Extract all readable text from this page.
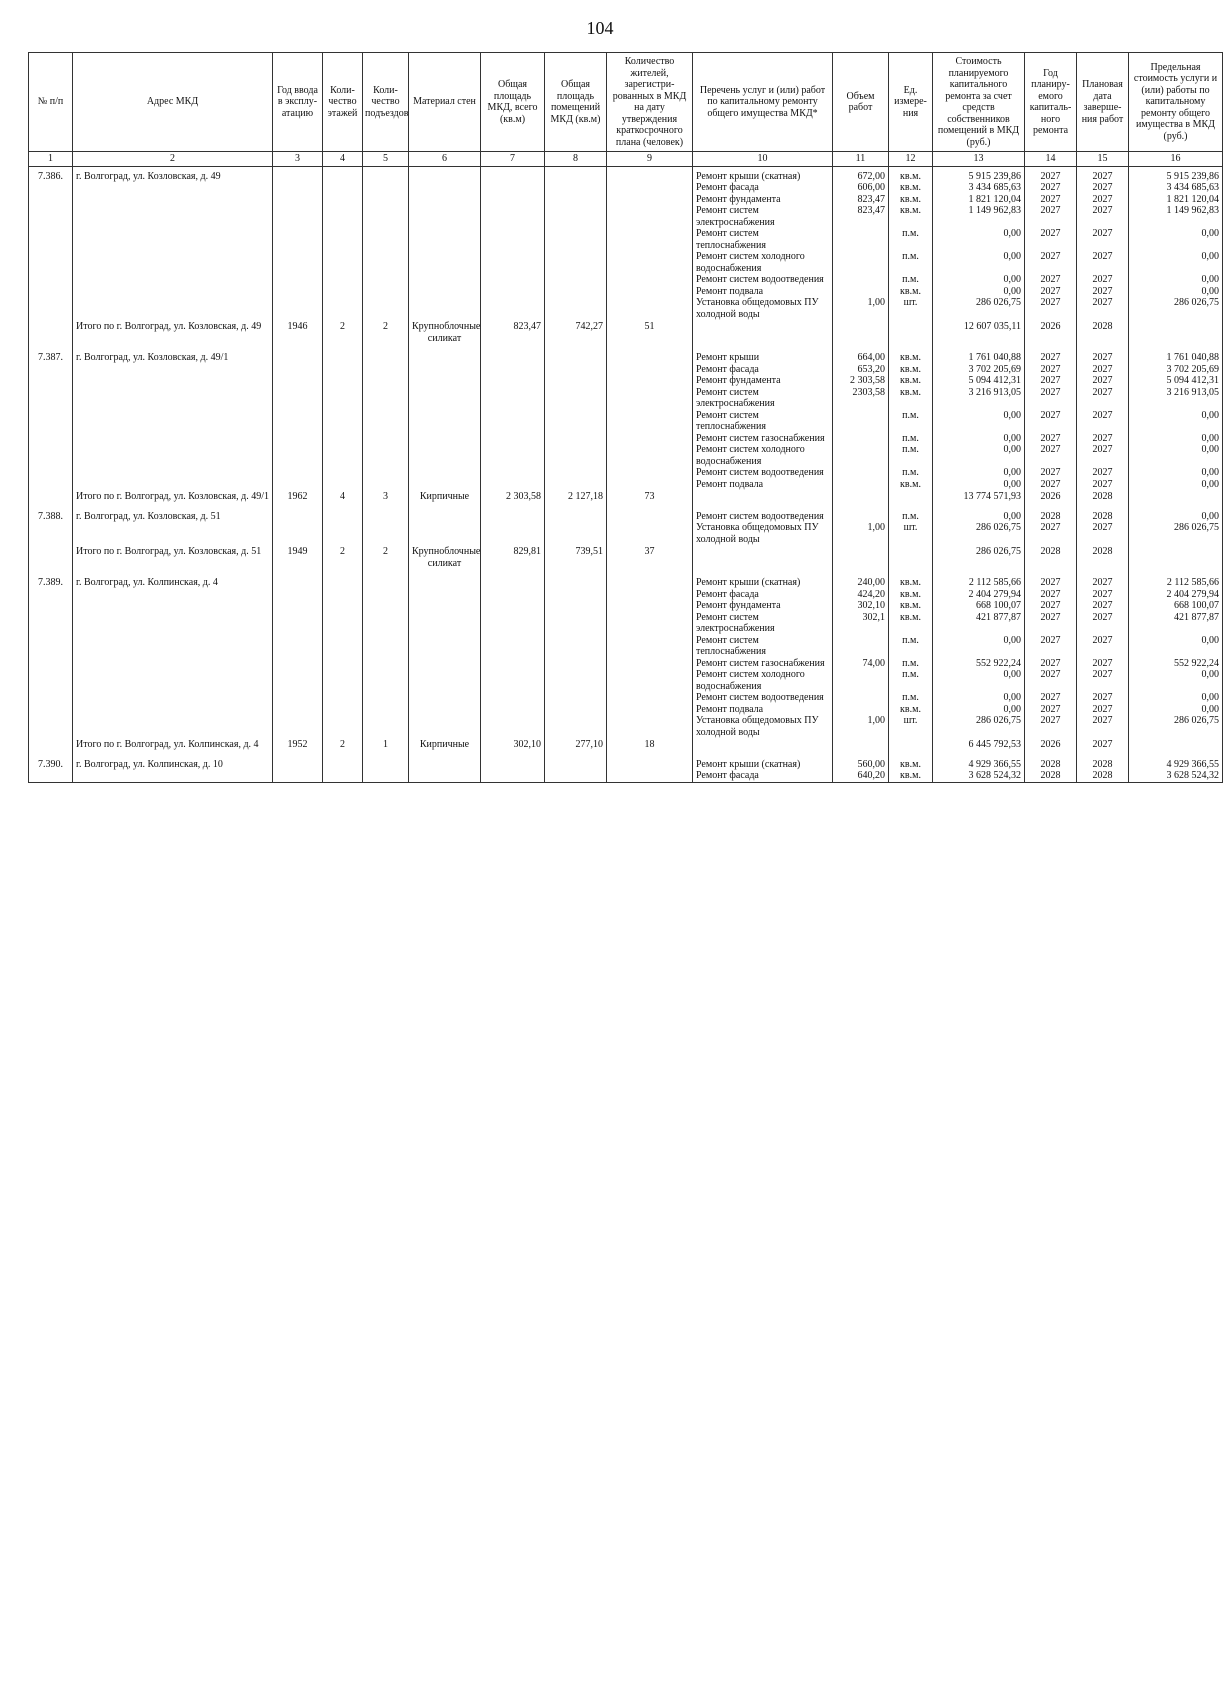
104
№ п/п	Адрес МКД	Год ввода в эксплу-атацию	Коли-чество этажей	Коли-чество подъездов	Материал стен	Общая площадь МКД, всего (кв.м)	Общая площадь помещений МКД (кв.м)	Количество жителей, зарегистри-рованных в МКД на дату утверждения краткосрочного плана (человек)	Перечень услуг и (или) работ по капитальному ремонту общего имущества МКД*	Объем работ	Ед. измере-ния	Стоимость планируемого капитального ремонта за счет средств собственников помещений в МКД (руб.)	Год планиру-емого капиталь-ного ремонта	Плановая дата заверше-ния работ	Предельная стоимость услуги и (или) работы по капитальному ремонту общего имущества в МКД (руб.)
1	2	3	4	5	6	7	8	9	10	11	12	13	14	15	16
7.386.	г. Волгоград, ул. Козловская, д. 49								Ремонт крыши (скатная)	672,00	кв.м.	5 915 239,86	2027	2027	5 915 239,86
									Ремонт фасада	606,00	кв.м.	3 434 685,63	2027	2027	3 434 685,63
									Ремонт фундамента	823,47	кв.м.	1 821 120,04	2027	2027	1 821 120,04
									Ремонт систем электроснабжения	823,47	кв.м.	1 149 962,83	2027	2027	1 149 962,83
									Ремонт систем теплоснабжения		п.м.	0,00	2027	2027	0,00
									Ремонт систем холодного водоснабжения		п.м.	0,00	2027	2027	0,00
									Ремонт систем водоотведения		п.м.	0,00	2027	2027	0,00
									Ремонт подвала		кв.м.	0,00	2027	2027	0,00
									Установка общедомовых ПУ холодной воды	1,00	шт.	286 026,75	2027	2027	286 026,75
	Итого по г. Волгоград, ул. Козловская, д. 49	1946	2	2	Крупноблочные силикат	823,47	742,27	51				12 607 035,11	2026	2028	
7.387.	г. Волгоград, ул. Козловская, д. 49/1								Ремонт крыши	664,00	кв.м.	1 761 040,88	2027	2027	1 761 040,88
									Ремонт фасада	653,20	кв.м.	3 702 205,69	2027	2027	3 702 205,69
									Ремонт фундамента	2 303,58	кв.м.	5 094 412,31	2027	2027	5 094 412,31
									Ремонт систем электроснабжения	2303,58	кв.м.	3 216 913,05	2027	2027	3 216 913,05
									Ремонт систем теплоснабжения		п.м.	0,00	2027	2027	0,00
									Ремонт систем газоснабжения		п.м.	0,00	2027	2027	0,00
									Ремонт систем холодного водоснабжения		п.м.	0,00	2027	2027	0,00
									Ремонт систем водоотведения		п.м.	0,00	2027	2027	0,00
									Ремонт подвала		кв.м.	0,00	2027	2027	0,00
	Итого по г. Волгоград, ул. Козловская, д. 49/1	1962	4	3	Кирпичные	2 303,58	2 127,18	73				13 774 571,93	2026	2028	
7.388.	г. Волгоград, ул. Козловская, д. 51								Ремонт систем водоотведения		п.м.	0,00	2028	2028	0,00
									Установка общедомовых ПУ холодной воды	1,00	шт.	286 026,75	2027	2027	286 026,75
	Итого по г. Волгоград, ул. Козловская, д. 51	1949	2	2	Крупноблочные силикат	829,81	739,51	37				286 026,75	2028	2028	
7.389.	г. Волгоград, ул. Колпинская, д. 4								Ремонт крыши (скатная)	240,00	кв.м.	2 112 585,66	2027	2027	2 112 585,66
									Ремонт фасада	424,20	кв.м.	2 404 279,94	2027	2027	2 404 279,94
									Ремонт фундамента	302,10	кв.м.	668 100,07	2027	2027	668 100,07
									Ремонт систем электроснабжения	302,1	кв.м.	421 877,87	2027	2027	421 877,87
									Ремонт систем теплоснабжения		п.м.	0,00	2027	2027	0,00
									Ремонт систем газоснабжения	74,00	п.м.	552 922,24	2027	2027	552 922,24
									Ремонт систем холодного водоснабжения		п.м.	0,00	2027	2027	0,00
									Ремонт систем водоотведения		п.м.	0,00	2027	2027	0,00
									Ремонт подвала		кв.м.	0,00	2027	2027	0,00
									Установка общедомовых ПУ холодной воды	1,00	шт.	286 026,75	2027	2027	286 026,75
	Итого по г. Волгоград, ул. Колпинская, д. 4	1952	2	1	Кирпичные	302,10	277,10	18				6 445 792,53	2026	2027	
7.390.	г. Волгоград, ул. Колпинская, д. 10								Ремонт крыши (скатная)	560,00	кв.м.	4 929 366,55	2028	2028	4 929 366,55
									Ремонт фасада	640,20	кв.м.	3 628 524,32	2028	2028	3 628 524,32
